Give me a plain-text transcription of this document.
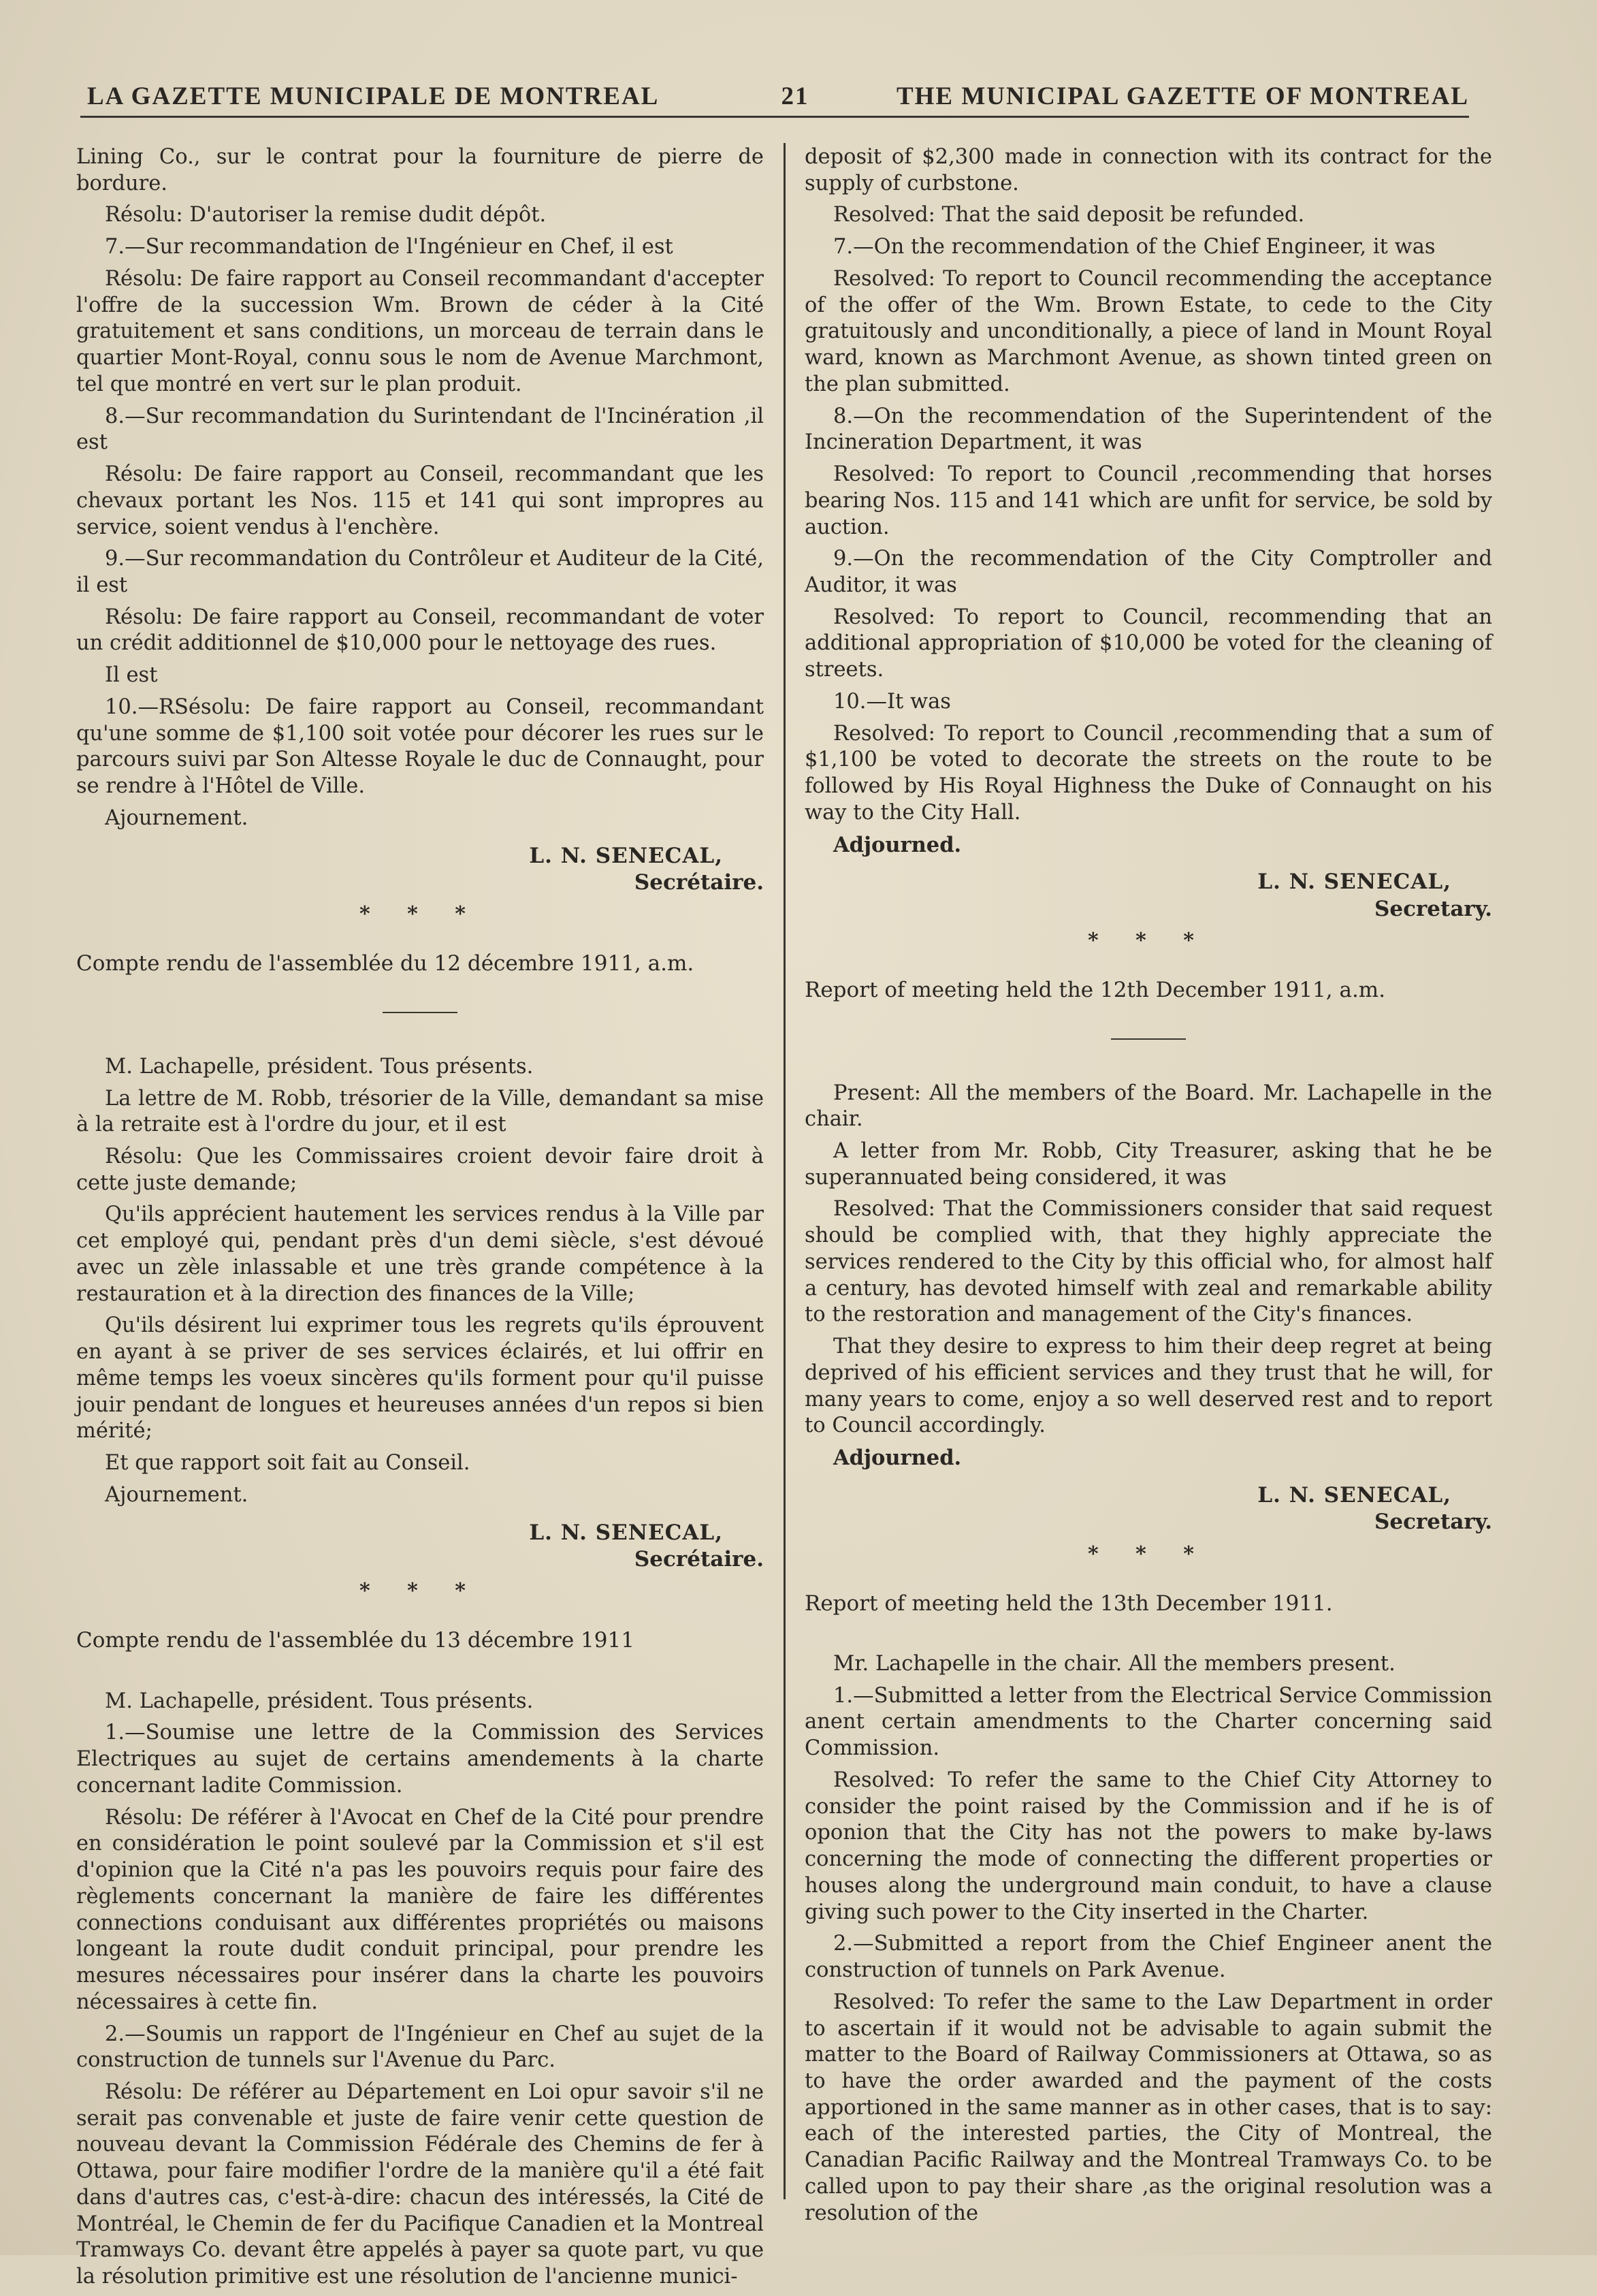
LA GAZETTE MUNICIPALE DE MONTREAL	21	THE MUNICIPAL GAZETTE OF MONTREAL

Lining Co., sur le contrat pour la fourniture de pierre de bordure.

Résolu: D'autoriser la remise dudit dépôt.

7.—Sur recommandation de l'Ingénieur en Chef, il est

Résolu: De faire rapport au Conseil recommandant d'accepter l'offre de la succession Wm. Brown de céder à la Cité gratuitement et sans conditions, un morceau de terrain dans le quartier Mont-Royal, connu sous le nom de Avenue Marchmont, tel que montré en vert sur le plan produit.

8.—Sur recommandation du Surintendant de l'Incinération ,il est

Résolu: De faire rapport au Conseil, recommandant que les chevaux portant les Nos. 115 et 141 qui sont impropres au service, soient vendus à l'enchère.

9.—Sur recommandation du Contrôleur et Auditeur de la Cité, il est

Résolu: De faire rapport au Conseil, recommandant de voter un crédit additionnel de $10,000 pour le nettoyage des rues.

Il est

10.—RSésolu: De faire rapport au Conseil, recommandant qu'une somme de $1,100 soit votée pour décorer les rues sur le parcours suivi par Son Altesse Royale le duc de Connaught, pour se rendre à l'Hôtel de Ville.

Ajournement.

L. N. SENECAL,

Secrétaire.

* * *

Compte rendu de l'assemblée du 12 décembre 1911, a.m.

M. Lachapelle, président. Tous présents.

La lettre de M. Robb, trésorier de la Ville, demandant sa mise à la retraite est à l'ordre du jour, et il est

Résolu: Que les Commissaires croient devoir faire droit à cette juste demande;

Qu'ils apprécient hautement les services rendus à la Ville par cet employé qui, pendant près d'un demi siècle, s'est dévoué avec un zèle inlassable et une très grande compétence à la restauration et à la direction des finances de la Ville;

Qu'ils désirent lui exprimer tous les regrets qu'ils éprouvent en ayant à se priver de ses services éclairés, et lui offrir en même temps les voeux sincères qu'ils forment pour qu'il puisse jouir pendant de longues et heureuses années d'un repos si bien mérité;

Et que rapport soit fait au Conseil.

Ajournement.

L. N. SENECAL,

Secrétaire.

* * *

Compte rendu de l'assemblée du 13 décembre 1911

M. Lachapelle, président. Tous présents.

1.—Soumise une lettre de la Commission des Services Electriques au sujet de certains amendements à la charte concernant ladite Commission.

Résolu: De référer à l'Avocat en Chef de la Cité pour prendre en considération le point soulevé par la Commission et s'il est d'opinion que la Cité n'a pas les pouvoirs requis pour faire des règlements concernant la manière de faire les différentes connections conduisant aux différentes propriétés ou maisons longeant la route dudit conduit principal, pour prendre les mesures nécessaires pour insérer dans la charte les pouvoirs nécessaires à cette fin.

2.—Soumis un rapport de l'Ingénieur en Chef au sujet de la construction de tunnels sur l'Avenue du Parc.

Résolu: De référer au Département en Loi opur savoir s'il ne serait pas convenable et juste de faire venir cette question de nouveau devant la Commission Fédérale des Chemins de fer à Ottawa, pour faire modifier l'ordre de la manière qu'il a été fait dans d'autres cas, c'est-à-dire: chacun des intéressés, la Cité de Montréal, le Chemin de fer du Pacifique Canadien et la Montreal Tramways Co. devant être appelés à payer sa quote part, vu que la résolution primitive est une résolution de l'ancienne munici-

deposit of $2,300 made in connection with its contract for the supply of curbstone.

Resolved: That the said deposit be refunded.

7.—On the recommendation of the Chief Engineer, it was

Resolved: To report to Council recommending the acceptance of the offer of the Wm. Brown Estate, to cede to the City gratuitously and unconditionally, a piece of land in Mount Royal ward, known as Marchmont Avenue, as shown tinted green on the plan submitted.

8.—On the recommendation of the Superintendent of the Incineration Department, it was

Resolved: To report to Council ,recommending that horses bearing Nos. 115 and 141 which are unfit for service, be sold by auction.

9.—On the recommendation of the City Comptroller and Auditor, it was

Resolved: To report to Council, recommending that an additional appropriation of $10,000 be voted for the cleaning of streets.

10.—It was

Resolved: To report to Council ,recommending that a sum of $1,100 be voted to decorate the streets on the route to be followed by His Royal Highness the Duke of Connaught on his way to the City Hall.

Adjourned.

L. N. SENECAL,

Secretary.

* * *

Report of meeting held the 12th December 1911, a.m.

Present: All the members of the Board. Mr. Lachapelle in the chair.

A letter from Mr. Robb, City Treasurer, asking that he be superannuated being considered, it was

Resolved: That the Commissioners consider that said request should be complied with, that they highly appreciate the services rendered to the City by this official who, for almost half a century, has devoted himself with zeal and remarkable ability to the restoration and management of the City's finances.

That they desire to express to him their deep regret at being deprived of his efficient services and they trust that he will, for many years to come, enjoy a so well deserved rest and to report to Council accordingly.

Adjourned.

L. N. SENECAL,

Secretary.

* * *

Report of meeting held the 13th December 1911.

Mr. Lachapelle in the chair. All the members present.

1.—Submitted a letter from the Electrical Service Commission anent certain amendments to the Charter concerning said Commission.

Resolved: To refer the same to the Chief City Attorney to consider the point raised by the Commission and if he is of oponion that the City has not the powers to make by-laws concerning the mode of connecting the different properties or houses along the underground main conduit, to have a clause giving such power to the City inserted in the Charter.

2.—Submitted a report from the Chief Engineer anent the construction of tunnels on Park Avenue.

Resolved: To refer the same to the Law Department in order to ascertain if it would not be advisable to again submit the matter to the Board of Railway Commissioners at Ottawa, so as to have the order awarded and the payment of the costs apportioned in the same manner as in other cases, that is to say: each of the interested parties, the City of Montreal, the Canadian Pacific Railway and the Montreal Tramways Co. to be called upon to pay their share ,as the original resolution was a resolution of the
